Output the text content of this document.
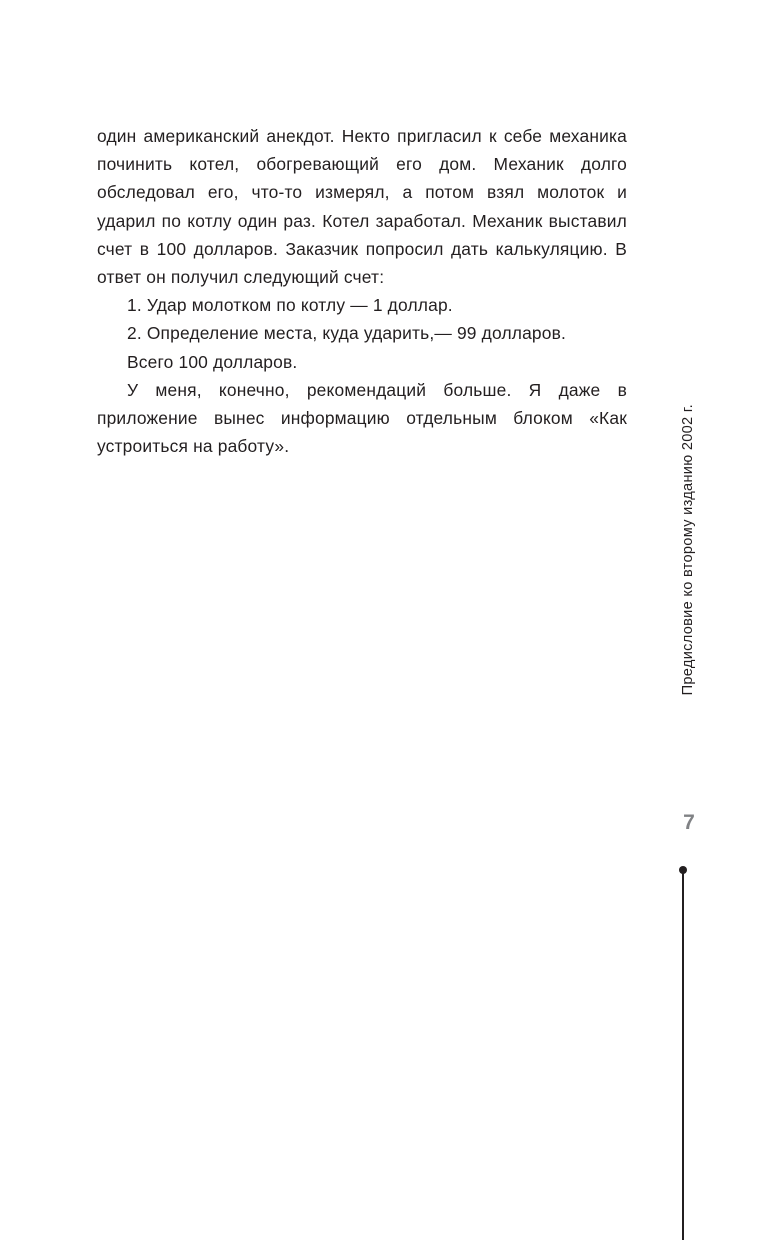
один американский анекдот. Некто пригласил к себе механика починить котел, обогревающий его дом. Механик долго обследовал его, что-то измерял, а потом взял молоток и ударил по котлу один раз. Котел заработал. Механик выставил счет в 100 долларов. Заказчик попросил дать калькуляцию. В ответ он получил следующий счет:

1. Удар молотком по котлу — 1 доллар.

2. Определение места, куда ударить,— 99 долларов.

Всего 100 долларов.

У меня, конечно, рекомендаций больше. Я даже в приложение вынес информацию отдельным блоком «Как устроиться на работу».	Предисловие ко второму изданию 2002 г.
7
